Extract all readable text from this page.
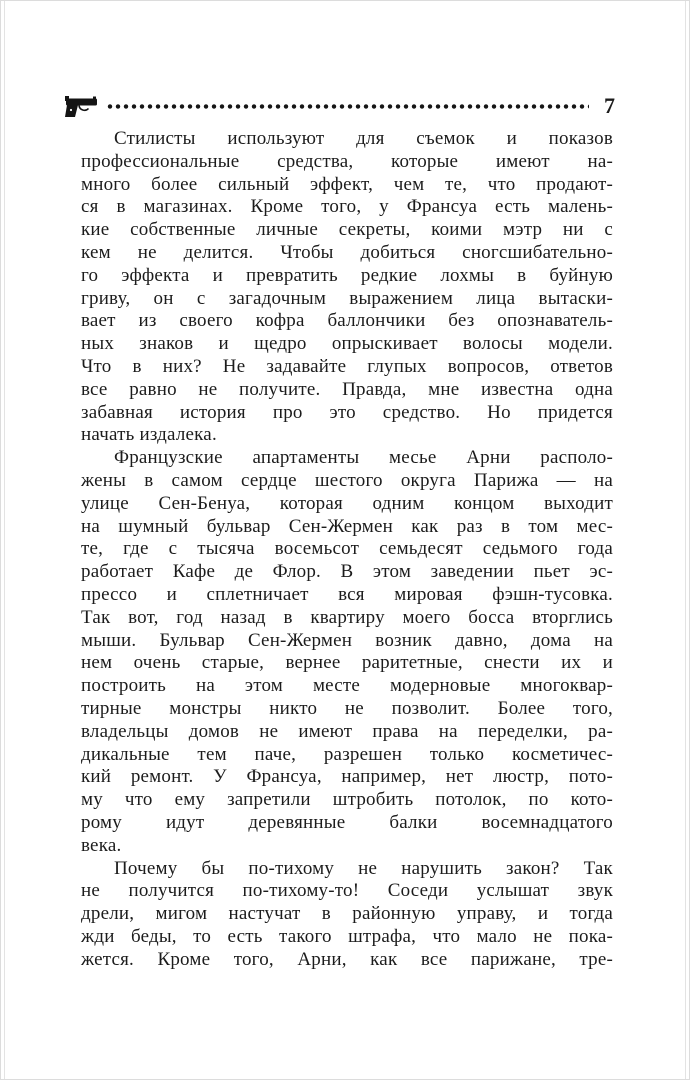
7
Стилисты используют для съемок и показов
профессиональные средства, которые имеют на-
много более сильный эффект, чем те, что продают-
ся в магазинах. Кроме того, у Франсуа есть малень-
кие собственные личные секреты, коими мэтр ни с
кем не делится. Чтобы добиться сногсшибательно-
го эффекта и превратить редкие лохмы в буйную
гриву, он с загадочным выражением лица вытаски-
вает из своего кофра баллончики без опознаватель-
ных знаков и щедро опрыскивает волосы модели.
Что в них? Не задавайте глупых вопросов, ответов
все равно не получите. Правда, мне известна одна
забавная история про это средство. Но придется
начать издалека.
Французские апартаменты месье Арни располо-
жены в самом сердце шестого округа Парижа — на
улице Сен-Бенуа, которая одним концом выходит
на шумный бульвар Сен-Жермен как раз в том мес-
те, где с тысяча восемьсот семьдесят седьмого года
работает Кафе де Флор. В этом заведении пьет эс-
прессо и сплетничает вся мировая фэшн-тусовка.
Так вот, год назад в квартиру моего босса вторглись
мыши. Бульвар Сен-Жермен возник давно, дома на
нем очень старые, вернее раритетные, снести их и
построить на этом месте модерновые многоквар-
тирные монстры никто не позволит. Более того,
владельцы домов не имеют права на переделки, ра-
дикальные тем паче, разрешен только косметичес-
кий ремонт. У Франсуа, например, нет люстр, пото-
му что ему запретили штробить потолок, по кото-
рому идут деревянные балки восемнадцатого
века.
Почему бы по-тихому не нарушить закон? Так
не получится по-тихому-то! Соседи услышат звук
дрели, мигом настучат в районную управу, и тогда
жди беды, то есть такого штрафа, что мало не пока-
жется. Кроме того, Арни, как все парижане, тре-
